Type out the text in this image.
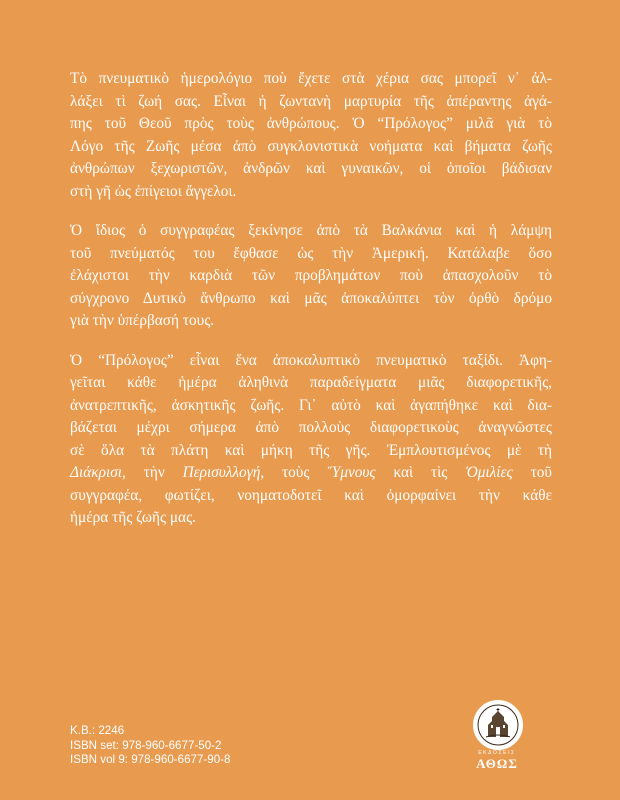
Τὸ πνευματικὸ ἡμερολόγιο ποὺ ἔχετε στὰ χέρια σας μπορεῖ ν᾽ ἀλ-
λάξει τὶ ζωή σας. Εἶναι ἡ ζωντανὴ μαρτυρία τῆς ἀπέραντης ἀγά-
πης τοῦ Θεοῦ πρὸς τοὺς ἀνθρώπους. Ὁ “Πρόλογος” μιλᾶ γιὰ τὸ
Λόγο τῆς Ζωῆς μέσα ἀπὸ συγκλονιστικὰ νοήματα καὶ βήματα ζωῆς
ἀνθρώπων ξεχωριστῶν, ἀνδρῶν καὶ γυναικῶν, οἱ ὁποῖοι βάδισαν
στὴ γῆ ὡς ἐπίγειοι ἄγγελοι.

Ὁ ἴδιος ὁ συγγραφέας ξεκίνησε ἀπὸ τὰ Βαλκάνια καὶ ἡ λάμψη
τοῦ πνεύματός του ἔφθασε ὡς τὴν Ἀμερική. Κατάλαβε ὅσο
ἐλάχιστοι τὴν καρδιὰ τῶν προβλημάτων ποὺ ἀπασχολοῦν τὸ
σύγχρονο Δυτικὸ ἄνθρωπο καὶ μᾶς ἀποκαλύπτει τὸν ὀρθὸ δρόμο
γιὰ τὴν ὑπέρβασή τους.

Ὁ “Πρόλογος” εἶναι ἕνα ἀποκαλυπτικὸ πνευματικὸ ταξίδι. Ἀφη-
γεῖται κάθε ἡμέρα ἀληθινὰ παραδείγματα μιᾶς διαφορετικῆς,
ἀνατρεπτικῆς, ἀσκητικῆς ζωῆς. Γι᾽ αὐτὸ καὶ ἀγαπήθηκε καὶ δια-
βάζεται μέχρι σήμερα ἀπὸ πολλοὺς διαφορετικοὺς ἀναγνῶστες
σὲ ὅλα τὰ πλάτη καὶ μήκη τῆς γῆς. Ἐμπλουτισμένος μὲ τὴ
Διάκρισι, τὴν Περισυλλογή, τοὺς Ὕμνους καὶ τὶς Ὁμιλίες τοῦ
συγγραφέα, φωτίζει, νοηματοδοτεῖ καὶ ὀμορφαίνει τὴν κάθε
ἡμέρα τῆς ζωῆς μας.

K.B.: 2246
ISBN set: 978-960-6677-50-2
ISBN vol 9: 978-960-6677-90-8	ΕΚΔΟΣΕΙΣ
ΑΘΩΣ
